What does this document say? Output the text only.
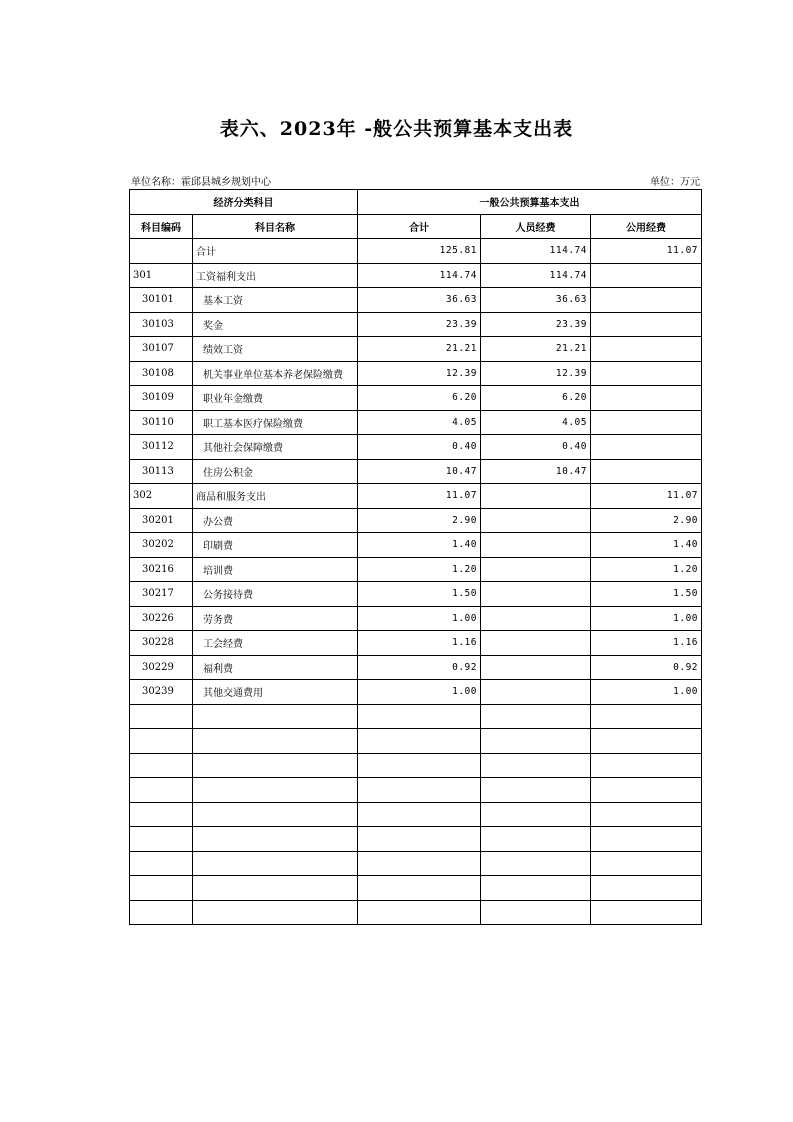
表六、2023年 -般公共预算基本支出表
单位名称：霍邱县城乡规划中心	单位：万元
经济分类科目		一般公共预算基本支出		
科目编码	科目名称	合计	人员经费	公用经费
	合计	125.81	114.74	11.07
301	工资福利支出	114.74	114.74	
30101	基本工资	36.63	36.63	
30103	奖金	23.39	23.39	
30107	绩效工资	21.21	21.21	
30108	机关事业单位基本养老保险缴费	12.39	12.39	
30109	职业年金缴费	6.20	6.20	
30110	职工基本医疗保险缴费	4.05	4.05	
30112	其他社会保障缴费	0.40	0.40	
30113	住房公积金	10.47	10.47	
302	商品和服务支出	11.07		11.07
30201	办公费	2.90		2.90
30202	印刷费	1.40		1.40
30216	培训费	1.20		1.20
30217	公务接待费	1.50		1.50
30226	劳务费	1.00		1.00
30228	工会经费	1.16		1.16
30229	福利费	0.92		0.92
30239	其他交通费用	1.00		1.00
